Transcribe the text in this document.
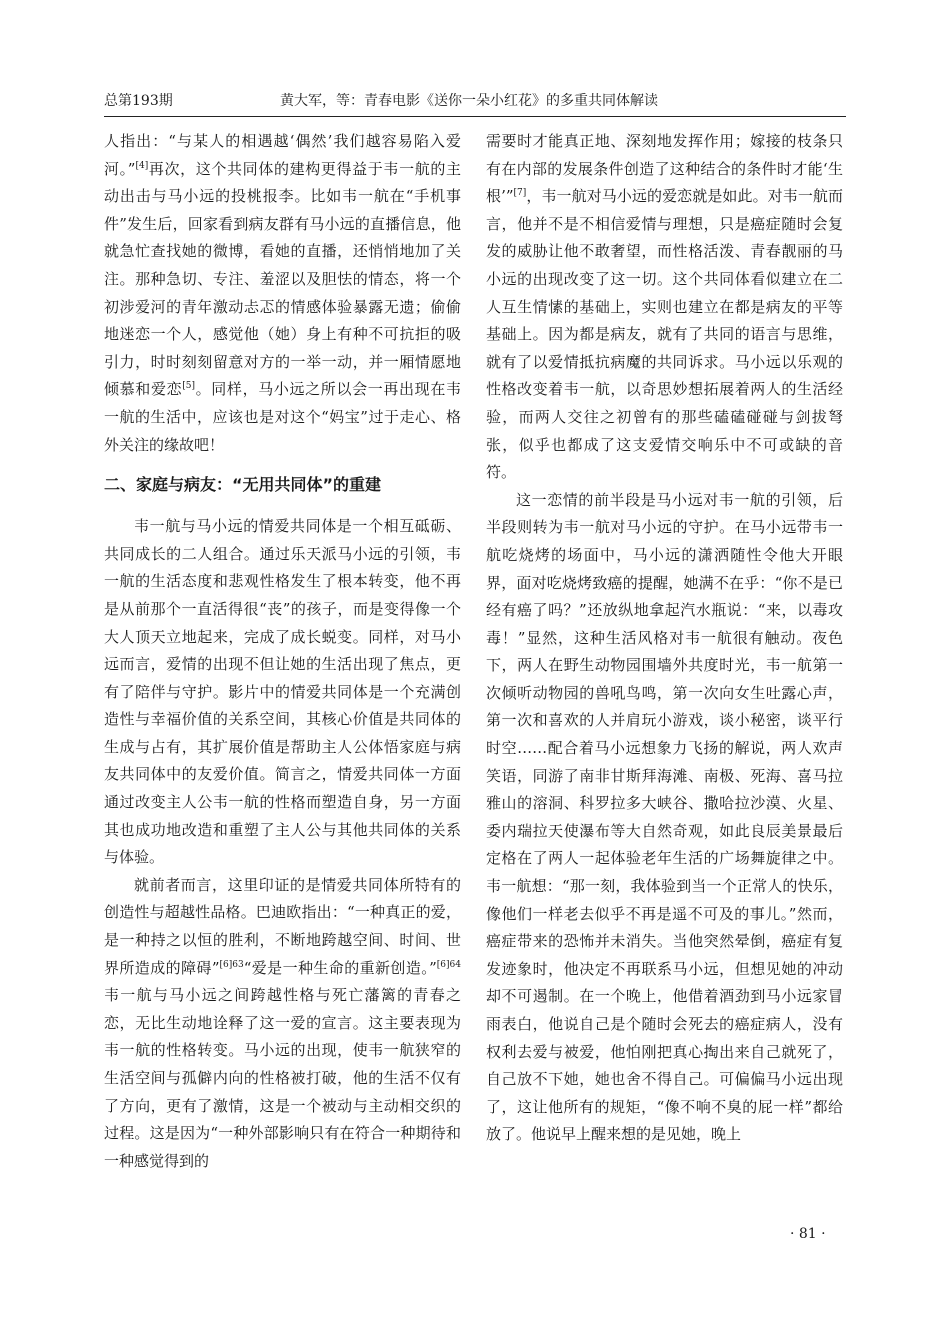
总第193期	黄大军，等：青春电影《送你一朵小红花》的多重共同体解读

人指出：“与某人的相遇越‘偶然’我们越容易陷入爱河。”[4]再次，这个共同体的建构更得益于韦一航的主动出击与马小远的投桃报李。比如韦一航在“手机事件”发生后，回家看到病友群有马小远的直播信息，他就急忙查找她的微博，看她的直播，还悄悄地加了关注。那种急切、专注、羞涩以及胆怯的情态，将一个初涉爱河的青年激动忐忑的情感体验暴露无遗；偷偷地迷恋一个人，感觉他（她）身上有种不可抗拒的吸引力，时时刻刻留意对方的一举一动，并一厢情愿地倾慕和爱恋[5]。同样，马小远之所以会一再出现在韦一航的生活中，应该也是对这个“妈宝”过于走心、格外关注的缘故吧！

二、家庭与病友：“无用共同体”的重建

韦一航与马小远的情爱共同体是一个相互砥砺、共同成长的二人组合。通过乐天派马小远的引领，韦一航的生活态度和悲观性格发生了根本转变，他不再是从前那个一直活得很“丧”的孩子，而是变得像一个大人顶天立地起来，完成了成长蜕变。同样，对马小远而言，爱情的出现不但让她的生活出现了焦点，更有了陪伴与守护。影片中的情爱共同体是一个充满创造性与幸福价值的关系空间，其核心价值是共同体的生成与占有，其扩展价值是帮助主人公体悟家庭与病友共同体中的友爱价值。简言之，情爱共同体一方面通过改变主人公韦一航的性格而塑造自身，另一方面其也成功地改造和重塑了主人公与其他共同体的关系与体验。

就前者而言，这里印证的是情爱共同体所特有的创造性与超越性品格。巴迪欧指出：“一种真正的爱，是一种持之以恒的胜利，不断地跨越空间、时间、世界所造成的障碍”$^{[6]63}$“爱是一种生命的重新创造。”$^{[6]64}$韦一航与马小远之间跨越性格与死亡藩篱的青春之恋，无比生动地诠释了这一爱的宣言。这主要表现为韦一航的性格转变。马小远的出现，使韦一航狭窄的生活空间与孤僻内向的性格被打破，他的生活不仅有了方向，更有了激情，这是一个被动与主动相交织的过程。这是因为“一种外部影响只有在符合一种期待和一种感觉得到的

需要时才能真正地、深刻地发挥作用；嫁接的枝条只有在内部的发展条件创造了这种结合的条件时才能‘生根’”[7]，韦一航对马小远的爱恋就是如此。对韦一航而言，他并不是不相信爱情与理想，只是癌症随时会复发的威胁让他不敢奢望，而性格活泼、青春靓丽的马小远的出现改变了这一切。这个共同体看似建立在二人互生情愫的基础上，实则也建立在都是病友的平等基础上。因为都是病友，就有了共同的语言与思维，就有了以爱情抵抗病魔的共同诉求。马小远以乐观的性格改变着韦一航，以奇思妙想拓展着两人的生活经验，而两人交往之初曾有的那些磕磕碰碰与剑拔弩张，似乎也都成了这支爱情交响乐中不可或缺的音符。

这一恋情的前半段是马小远对韦一航的引领，后半段则转为韦一航对马小远的守护。在马小远带韦一航吃烧烤的场面中，马小远的潇洒随性令他大开眼界，面对吃烧烤致癌的提醒，她满不在乎：“你不是已经有癌了吗？”还放纵地拿起汽水瓶说：“来，以毒攻毒！”显然，这种生活风格对韦一航很有触动。夜色下，两人在野生动物园围墙外共度时光，韦一航第一次倾听动物园的兽吼鸟鸣，第一次向女生吐露心声，第一次和喜欢的人并肩玩小游戏，谈小秘密，谈平行时空……配合着马小远想象力飞扬的解说，两人欢声笑语，同游了南非甘斯拜海滩、南极、死海、喜马拉雅山的溶洞、科罗拉多大峡谷、撒哈拉沙漠、火星、委内瑞拉天使瀑布等大自然奇观，如此良辰美景最后定格在了两人一起体验老年生活的广场舞旋律之中。韦一航想：“那一刻，我体验到当一个正常人的快乐，像他们一样老去似乎不再是遥不可及的事儿。”然而，癌症带来的恐怖并未消失。当他突然晕倒，癌症有复发迹象时，他决定不再联系马小远，但想见她的冲动却不可遏制。在一个晚上，他借着酒劲到马小远家冒雨表白，他说自己是个随时会死去的癌症病人，没有权利去爱与被爱，他怕刚把真心掏出来自己就死了，自己放不下她，她也舍不得自己。可偏偏马小远出现了，这让他所有的规矩，“像不响不臭的屁一样”都给放了。他说早上醒来想的是见她，晚上

· 81 ·
